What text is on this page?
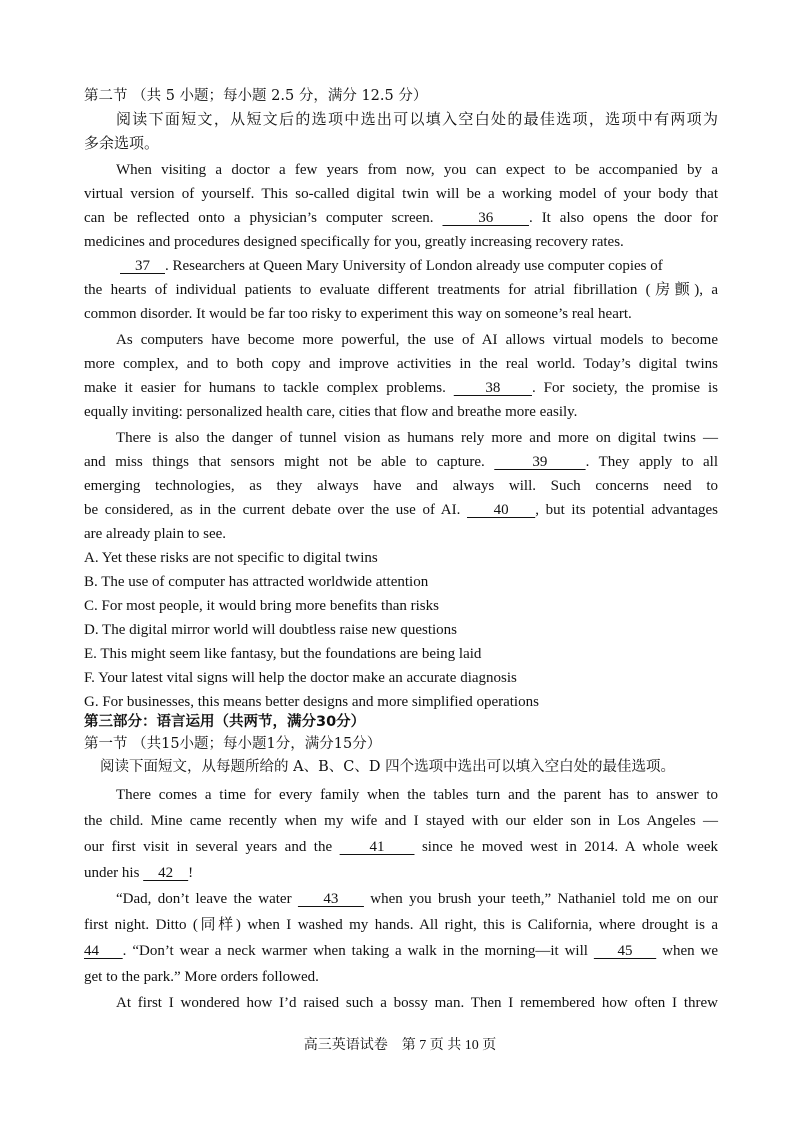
第二节 （共 5 小题；每小题 2.5 分，满分 12.5 分）
阅读下面短文，从短文后的选项中选出可以填入空白处的最佳选项，选项中有两项为
多余选项。
When visiting a doctor a few years from now, you can expect to be accompanied by a
virtual version of yourself. This so-called digital twin will be a working model of your body that
can be reflected onto a physician’s computer screen.     36    . It also opens the door for
medicines and procedures designed specifically for you, greatly increasing recovery rates.
37    . Researchers at Queen Mary University of London already use computer copies of
the hearts of individual patients to evaluate different treatments for atrial fibrillation (房颤), a
common disorder. It would be far too risky to experiment this way on someone’s real heart.
As computers have become more powerful, the use of AI allows virtual models to become
more complex, and to both copy and improve activities in the real world. Today’s digital twins
make it easier for humans to tackle complex problems.     38    . For society, the promise is
equally inviting: personalized health care, cities that flow and breathe more easily.
There is also the danger of tunnel vision as humans rely more and more on digital twins —
and miss things that sensors might not be able to capture.     39    . They apply to all
emerging technologies, as they always have and always will. Such concerns need to
be considered, as in the current debate over the use of AI.     40    , but its potential advantages
are already plain to see.
A. Yet these risks are not specific to digital twins
B. The use of computer has attracted worldwide attention
C. For most people, it would bring more benefits than risks
D. The digital mirror world will doubtless raise new questions
E. This might seem like fantasy, but the foundations are being laid
F. Your latest vital signs will help the doctor make an accurate diagnosis
G. For businesses, this means better designs and more simplified operations
第三部分：语言运用（共两节，满分30分）
第一节 （共15小题；每小题1分，满分15分）
阅读下面短文，从每题所给的 A、B、C、D 四个选项中选出可以填入空白处的最佳选项。
There comes a time for every family when the tables turn and the parent has to answer to
the child. Mine came recently when my wife and I stayed with our elder son in Los Angeles —
our first visit in several years and the     41     since he moved west in 2014. A whole week
under his     42    !
“Dad, don’t leave the water     43     when you brush your teeth,” Nathaniel told me on our
first night. Ditto (同样) when I washed my hands. All right, this is California, where drought is a
44    . “Don’t wear a neck warmer when taking a walk in the morning—it will     45     when we
get to the park.” More orders followed.
At first I wondered how I’d raised such a bossy man. Then I remembered how often I threw
高三英语试卷　第 7 页 共 10 页
